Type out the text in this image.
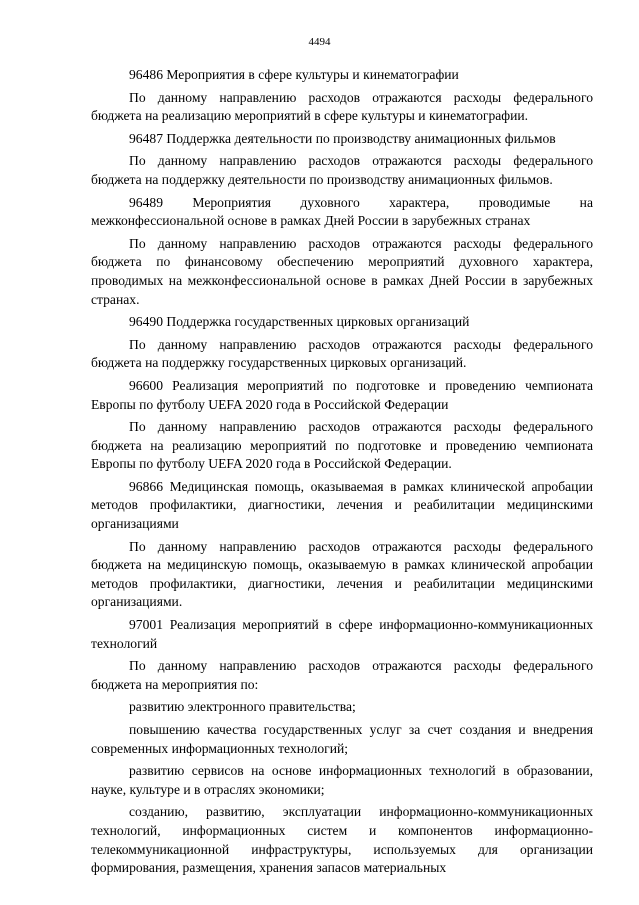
4494

96486 Мероприятия в сфере культуры и кинематографии

По данному направлению расходов отражаются расходы федерального бюджета на реализацию мероприятий в сфере культуры и кинематографии.

96487 Поддержка деятельности по производству анимационных фильмов

По данному направлению расходов отражаются расходы федерального бюджета на поддержку деятельности по производству анимационных фильмов.

96489 Мероприятия духовного характера, проводимые на межконфессиональной основе в рамках Дней России в зарубежных странах

По данному направлению расходов отражаются расходы федерального бюджета по финансовому обеспечению мероприятий духовного характера, проводимых на межконфессиональной основе в рамках Дней России в зарубежных странах.

96490 Поддержка государственных цирковых организаций

По данному направлению расходов отражаются расходы федерального бюджета на поддержку государственных цирковых организаций.

96600 Реализация мероприятий по подготовке и проведению чемпионата Европы по футболу UEFA 2020 года в Российской Федерации

По данному направлению расходов отражаются расходы федерального бюджета на реализацию мероприятий по подготовке и проведению чемпионата Европы по футболу UEFA 2020 года в Российской Федерации.

96866 Медицинская помощь, оказываемая в рамках клинической апробации методов профилактики, диагностики, лечения и реабилитации медицинскими организациями

По данному направлению расходов отражаются расходы федерального бюджета на медицинскую помощь, оказываемую в рамках клинической апробации методов профилактики, диагностики, лечения и реабилитации медицинскими организациями.

97001 Реализация мероприятий в сфере информационно-коммуникационных технологий

По данному направлению расходов отражаются расходы федерального бюджета на мероприятия по:

развитию электронного правительства;

повышению качества государственных услуг за счет создания и внедрения современных информационных технологий;

развитию сервисов на основе информационных технологий в образовании, науке, культуре и в отраслях экономики;

созданию, развитию, эксплуатации информационно-коммуникационных технологий, информационных систем и компонентов информационно-телекоммуникационной инфраструктуры, используемых для организации формирования, размещения, хранения запасов материальных
